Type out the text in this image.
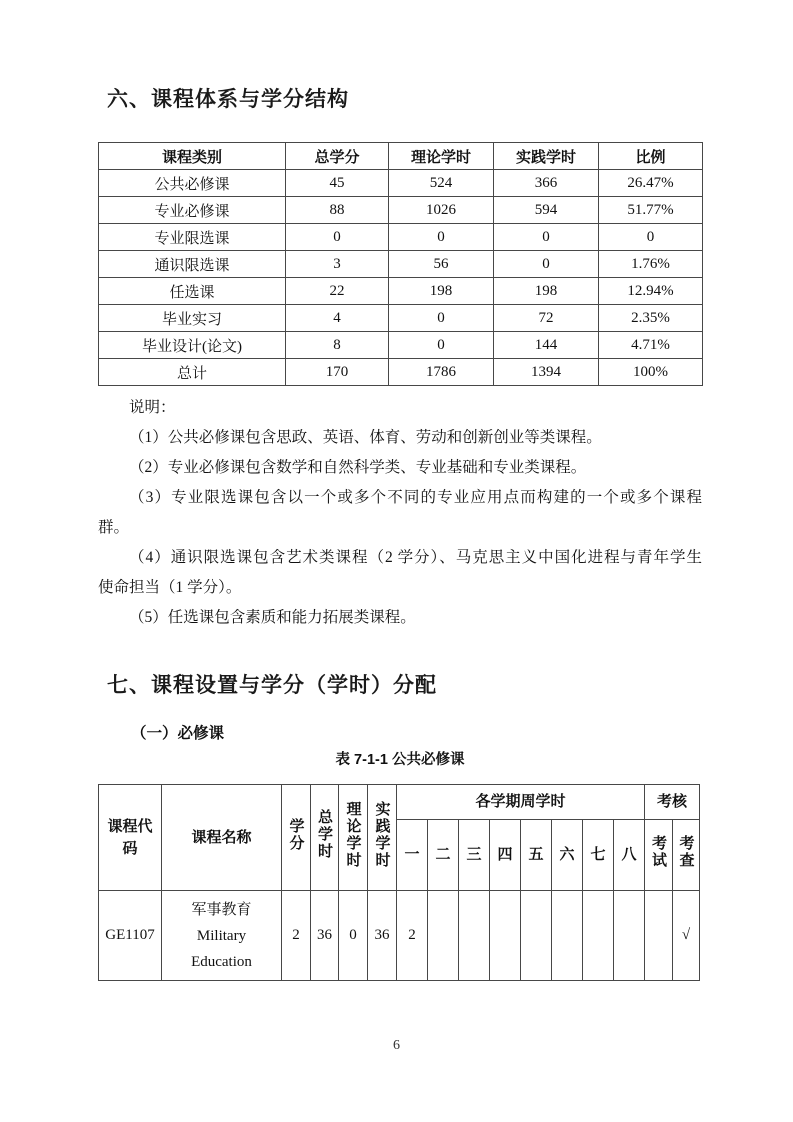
六、课程体系与学分结构
课程类别	总学分	理论学时	实践学时	比例
公共必修课	45	524	366	26.47%
专业必修课	88	1026	594	51.77%
专业限选课	0	0	0	0
通识限选课	3	56	0	1.76%
任选课	22	198	198	12.94%
毕业实习	4	0	72	2.35%
毕业设计(论文)	8	0	144	4.71%
总计	170	1786	1394	100%
说明：
（1）公共必修课包含思政、英语、体育、劳动和创新创业等类课程。
（2）专业必修课包含数学和自然科学类、专业基础和专业类课程。
（3）专业限选课包含以一个或多个不同的专业应用点而构建的一个或多个课程
群。
（4）通识限选课包含艺术类课程（2 学分）、马克思主义中国化进程与青年学生
使命担当（1 学分）。
（5）任选课包含素质和能力拓展类课程。
七、课程设置与学分（学时）分配
（一）必修课
表 7-1-1 公共必修课
课程代码	课程名称	学分	总学时	理论学时	实践学时	各学期周学时								考核	
						一	二	三	四	五	六	七	八	考试	考查
GE1107	军事教育
Military
Education	2	36	0	36	2									√
6
